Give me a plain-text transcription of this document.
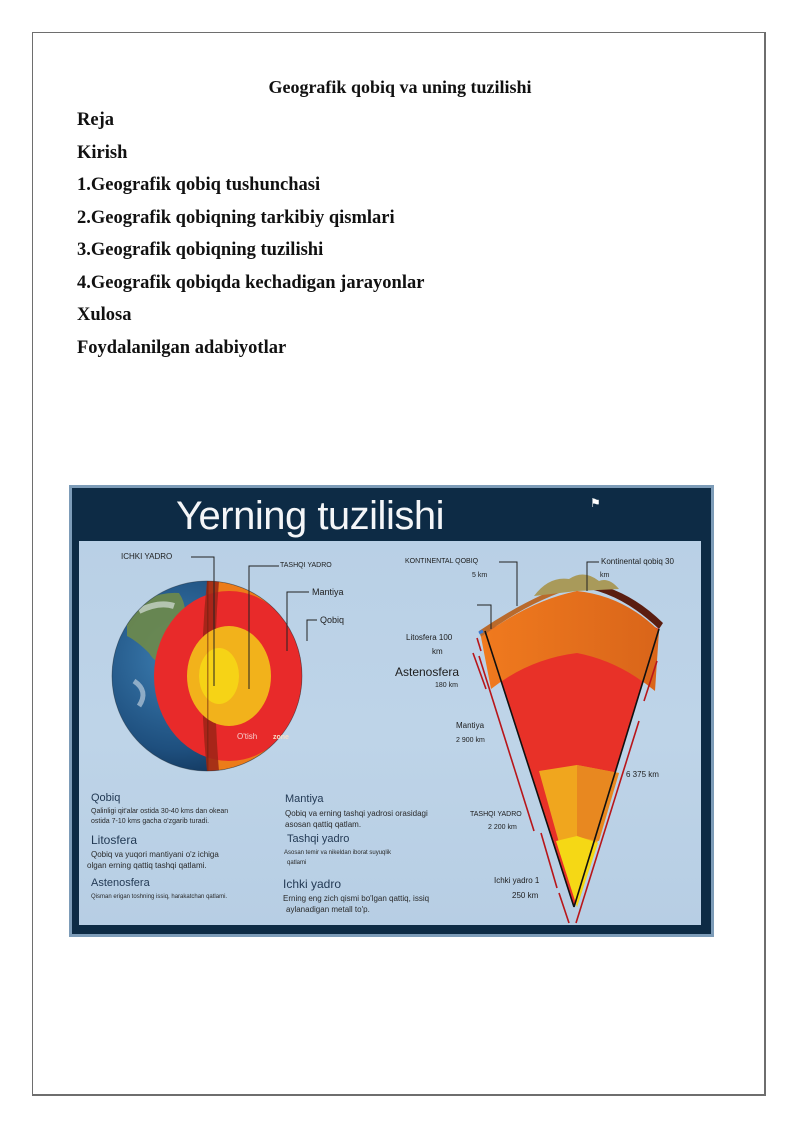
Geografik qobiq va uning tuzilishi
Reja
Kirish
1.Geografik qobiq tushunchasi
2.Geografik qobiqning tarkibiy qismlari
3.Geografik qobiqning tuzilishi
4.Geografik qobiqda kechadigan jarayonlar
Xulosa
Foydalanilgan adabiyotlar
Yerning tuzilishi	⚑
ICHKI YADRO
TASHQI YADRO
Mantiya
Qobiq
O'tish zone
Qobiq
Qalinligi qit'alar ostida 30-40 kms dan okean
ostida 7-10 kms gacha o'zgarib turadi.
Litosfera
Qobiq va yuqori mantiyani o'z ichiga
olgan erning qattiq tashqi qatlami.
Astenosfera
Qisman erigan toshning issiq, harakatchan qatlami.
Mantiya
Qobiq va erning tashqi yadrosi orasidagi
asosan qattiq qatlam.
Tashqi yadro
Asosan temir va nikeldan iborat suyuqlik
qatlami
Ichki yadro
Erning eng zich qismi bo'lgan qattiq, issiq
aylanadigan metall to'p.
KONTINENTAL QOBIQ
5 km
Kontinental qobiq 30
km
Litosfera 100
km
Astenosfera
180 km
Mantiya
2 900 km
TASHQI YADRO
2 200 km
Ichki yadro 1
250 km
6 375 km
